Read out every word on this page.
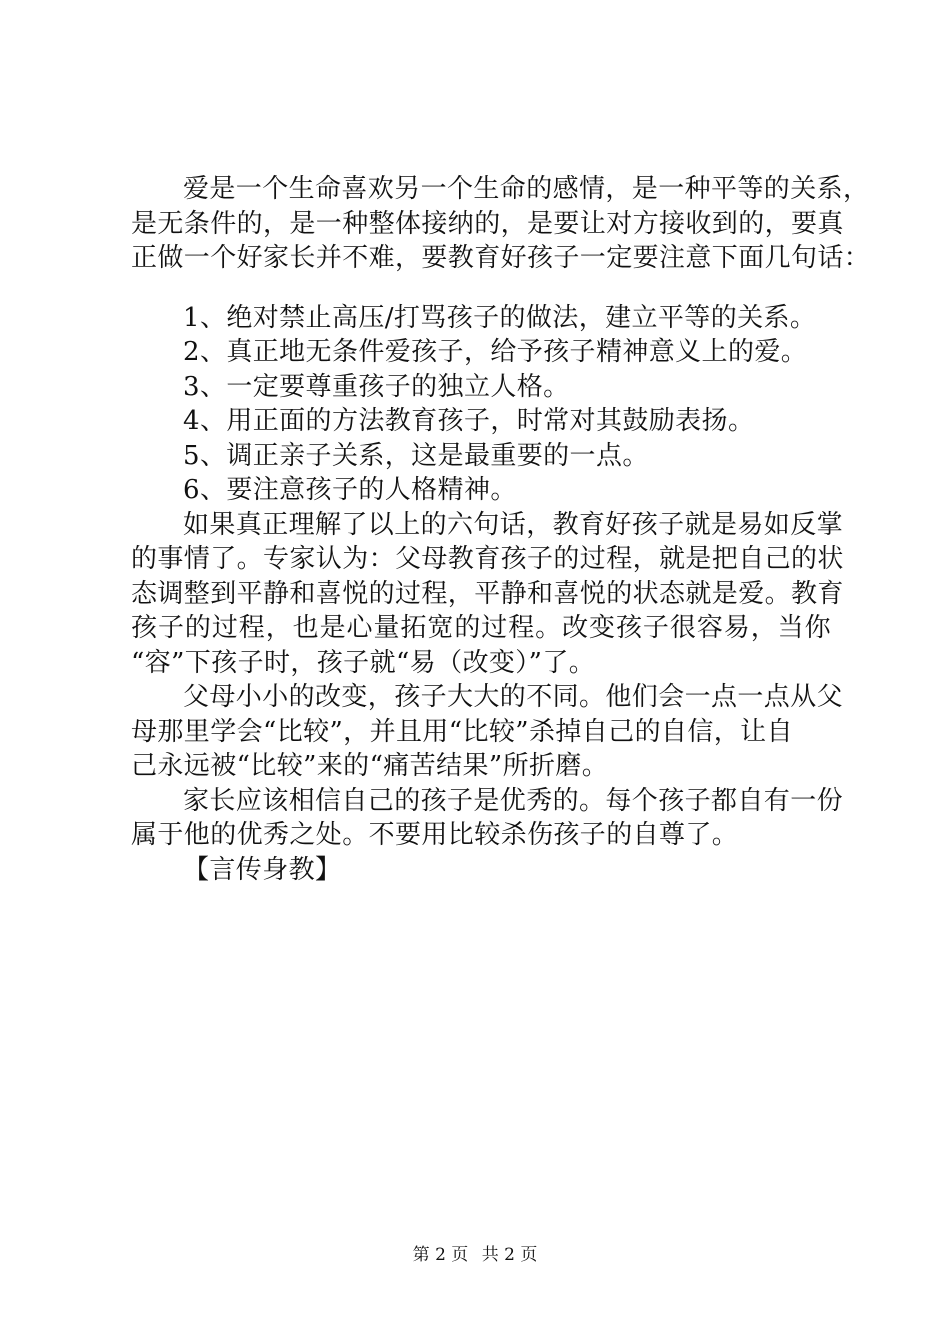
爱是一个生命喜欢另一个生命的感情，是一种平等的关系，
是无条件的，是一种整体接纳的，是要让对方接收到的，要真
正做一个好家长并不难，要教育好孩子一定要注意下面几句话：
1、绝对禁止高压/打骂孩子的做法，建立平等的关系。
2、真正地无条件爱孩子，给予孩子精神意义上的爱。
3、一定要尊重孩子的独立人格。
4、用正面的方法教育孩子，时常对其鼓励表扬。
5、调正亲子关系，这是最重要的一点。
6、要注意孩子的人格精神。
如果真正理解了以上的六句话，教育好孩子就是易如反掌
的事情了。专家认为：父母教育孩子的过程，就是把自己的状
态调整到平静和喜悦的过程，平静和喜悦的状态就是爱。教育
孩子的过程，也是心量拓宽的过程。改变孩子很容易，当你
“容”下孩子时，孩子就“易（改变）”了。
父母小小的改变，孩子大大的不同。他们会一点一点从父
母那里学会“比较”，并且用“比较”杀掉自己的自信，让自
己永远被“比较”来的“痛苦结果”所折磨。
家长应该相信自己的孩子是优秀的。每个孩子都自有一份
属于他的优秀之处。不要用比较杀伤孩子的自尊了。
【言传身教】
第 2 页 共 2 页
